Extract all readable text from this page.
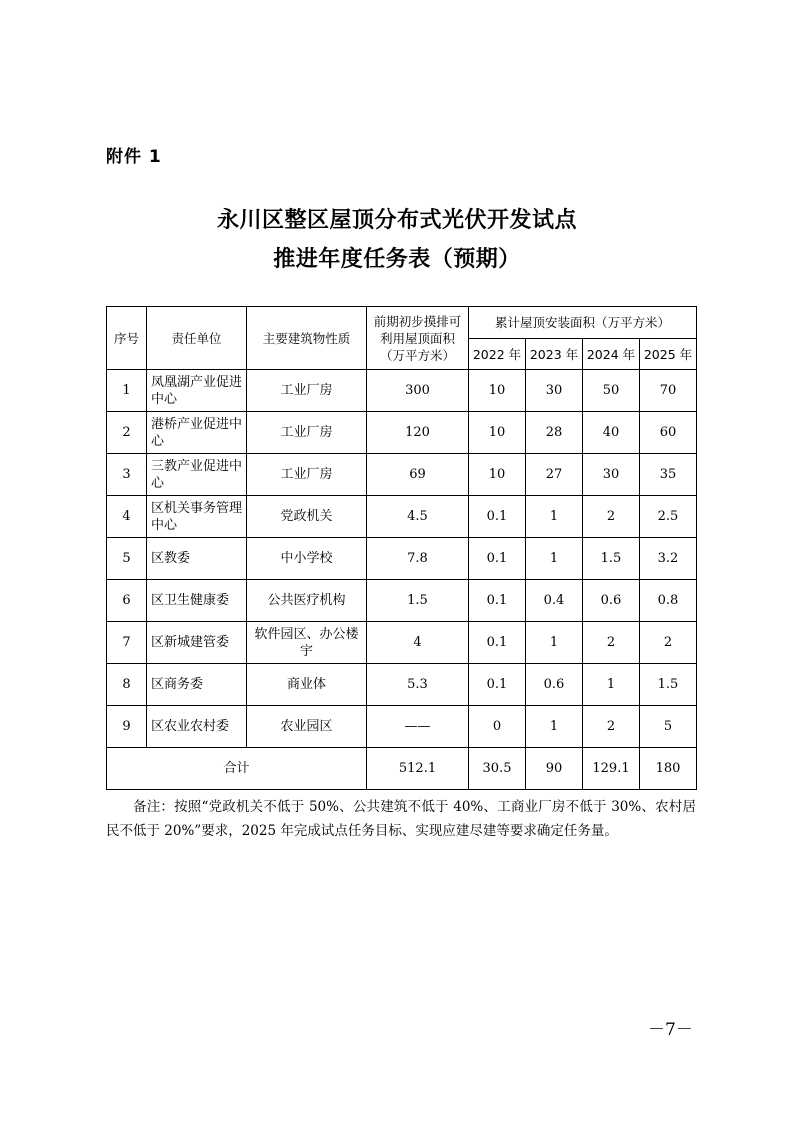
附件 1
永川区整区屋顶分布式光伏开发试点
推进年度任务表（预期）
序号	责任单位	主要建筑物性质	前期初步摸排可利用屋顶面积（万平方米）	累计屋顶安装面积（万平方米）			
				2022 年	2023 年	2024 年	2025 年
1	凤凰湖产业促进中心	工业厂房	300	10	30	50	70
2	港桥产业促进中心	工业厂房	120	10	28	40	60
3	三教产业促进中心	工业厂房	69	10	27	30	35
4	区机关事务管理中心	党政机关	4.5	0.1	1	2	2.5
5	区教委	中小学校	7.8	0.1	1	1.5	3.2
6	区卫生健康委	公共医疗机构	1.5	0.1	0.4	0.6	0.8
7	区新城建管委	软件园区、办公楼宇	4	0.1	1	2	2
8	区商务委	商业体	5.3	0.1	0.6	1	1.5
9	区农业农村委	农业园区	——	0	1	2	5
合计			512.1	30.5	90	129.1	180
备注：按照“党政机关不低于 50%、公共建筑不低于 40%、工商业厂房不低于 30%、农村居民不低于 20%”要求，2025 年完成试点任务目标、实现应建尽建等要求确定任务量。
－7－
